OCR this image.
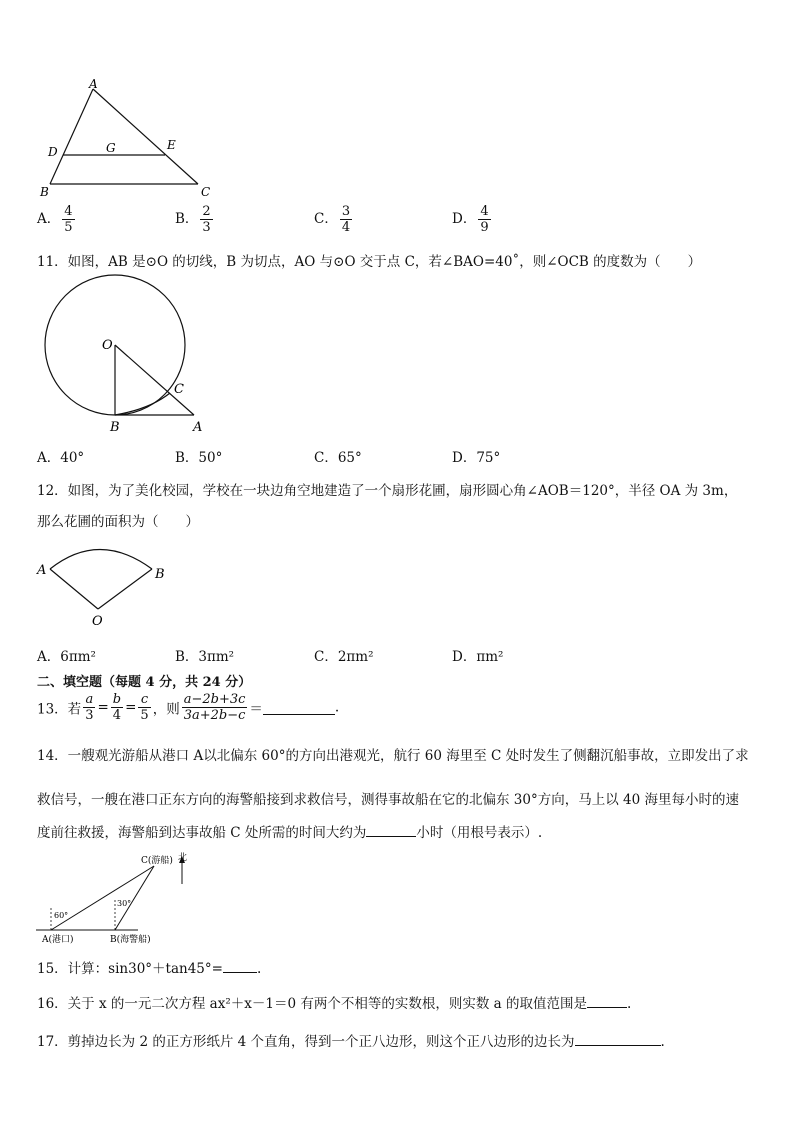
A
D	G	E
B	C
A． $\frac{4}{5}$	B． $\frac{2}{3}$	C． $\frac{3}{4}$	D． $\frac{4}{9}$
11．如图，AB 是⊙O 的切线，B 为切点，AO 与⊙O 交于点 C，若∠BAO=40˚，则∠OCB 的度数为（　　）
O
C
B	A
A．40°	B．50°	C．65°	D．75°
12．如图，为了美化校园，学校在一块边角空地建造了一个扇形花圃，扇形圆心角∠AOB＝120°，半径 OA 为 3m，
那么花圃的面积为（　　）
A	B
O
A．6πm²	B．3πm²	C．2πm²	D．πm²
二、填空题（每题 4 分，共 24 分）
13．若 $\frac{a}{3} = \frac{b}{4} = \frac{c}{5}$ ，则 $\frac{a-2b+3c}{3a+2b-c}$ ＝	.
14．一艘观光游船从港口 A以北偏东 60°的方向出港观光，航行 60 海里至 C 处时发生了侧翻沉船事故，立即发出了求
救信号，一艘在港口正东方向的海警船接到求救信号，测得事故船在它的北偏东 30°方向，马上以 40 海里每小时的速
度前往救援，海警船到达事故船 C 处所需的时间大约为	小时（用根号表示）.
C(游船) 北
60°
30°
A(港口)	B(海警船)
15．计算：sin30°＋tan45°=	.
16．关于 x 的一元二次方程 ax²＋x－1＝0 有两个不相等的实数根，则实数 a 的取值范围是	.
17．剪掉边长为 2 的正方形纸片 4 个直角，得到一个正八边形，则这个正八边形的边长为	.
